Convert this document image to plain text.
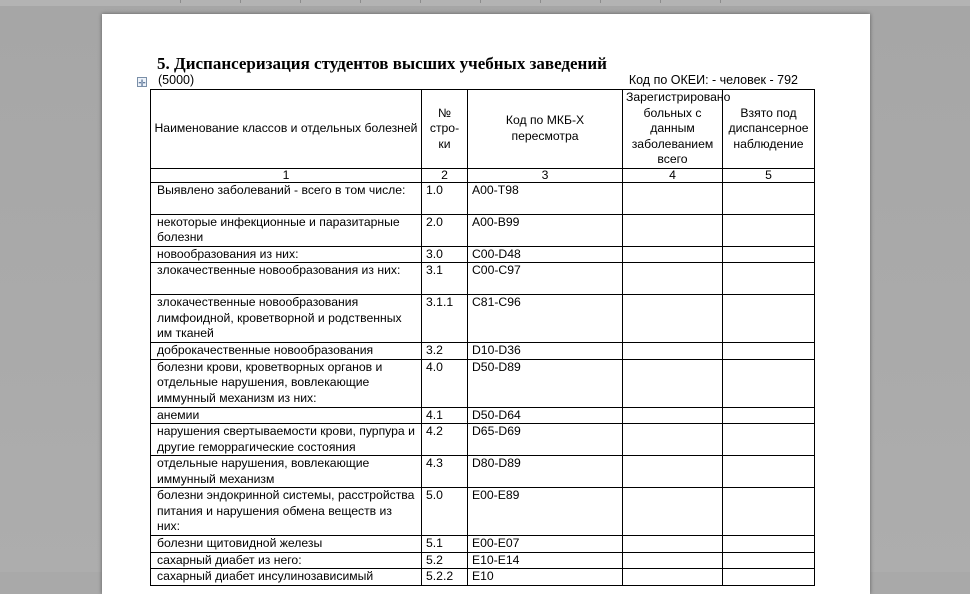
5. Диспансеризация студентов высших учебных заведений
✛ (5000)	Код по ОКЕИ: - человек - 792
Наименование классов и отдельных болезней	№ стро-ки	Код по МКБ-X пересмотра	Зарегистрировано больных с данным заболеванием всего	Взято под диспансерное наблюдение
1	2	3	4	5
Выявлено заболеваний - всего в том числе:	1.0	A00-T98		
некоторые инфекционные и паразитарные болезни	2.0	A00-B99		
новообразования из них:	3.0	C00-D48		
злокачественные новообразования из них:	3.1	C00-C97		
злокачественные новообразования лимфоидной, кроветворной и родственных им тканей	3.1.1	C81-C96		
доброкачественные новообразования	3.2	D10-D36		
болезни крови, кроветворных органов и отдельные нарушения, вовлекающие иммунный механизм из них:	4.0	D50-D89		
анемии	4.1	D50-D64		
нарушения свертываемости крови, пурпура и другие геморрагические состояния	4.2	D65-D69		
отдельные нарушения, вовлекающие иммунный механизм	4.3	D80-D89		
болезни эндокринной системы, расстройства питания и нарушения обмена веществ из них:	5.0	E00-E89		
болезни щитовидной железы	5.1	E00-E07		
сахарный диабет из него:	5.2	E10-E14		
сахарный диабет инсулинозависимый	5.2.2	E10		
